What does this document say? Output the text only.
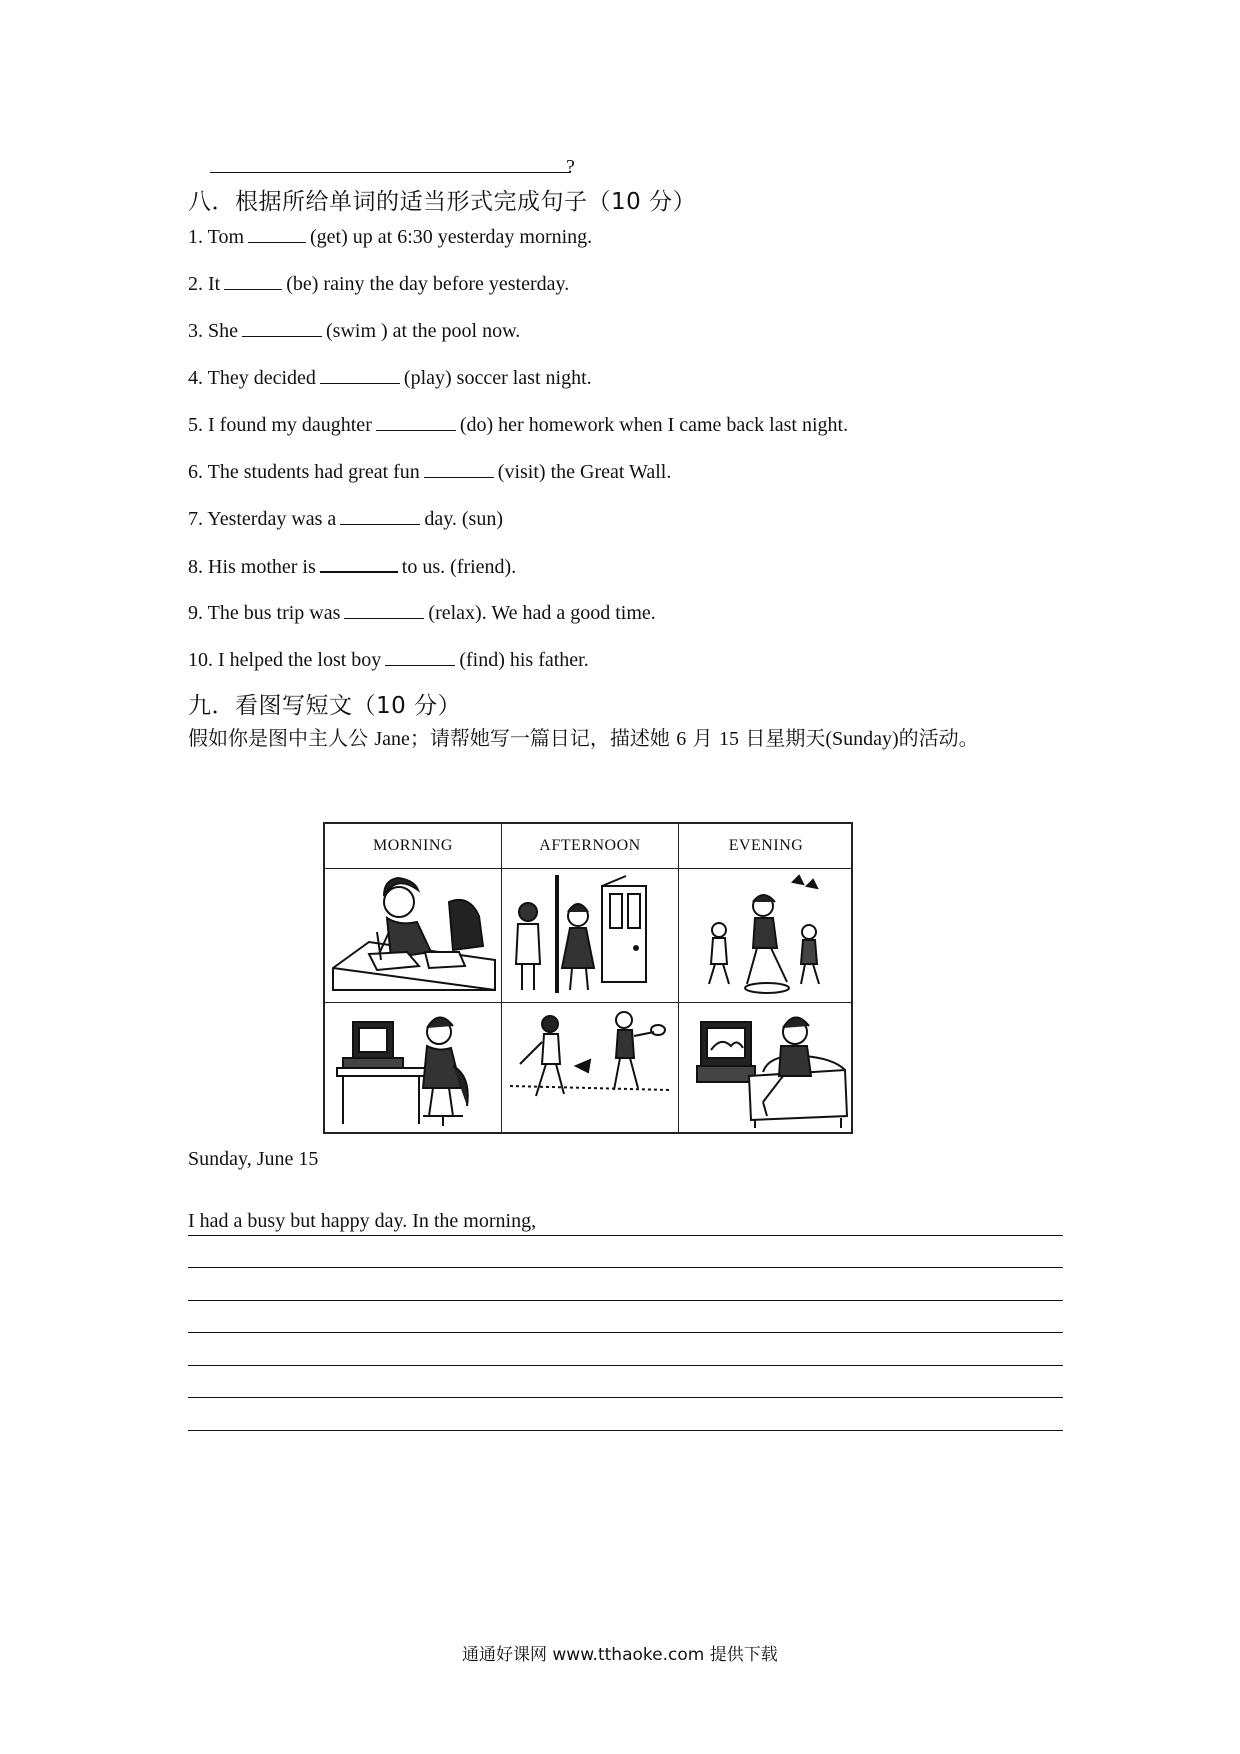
?
八．根据所给单词的适当形式完成句子（10 分）
1. Tom	(get) up at 6:30 yesterday morning.
2. It	(be) rainy the day before yesterday.
3. She	(swim ) at the pool now.
4. They decided	(play) soccer last night.
5. I found my daughter	(do) her homework when I came back last night.
6. The students had great fun	(visit) the Great Wall.
7. Yesterday was a	day. (sun)
8. His mother is	to us. (friend).
9. The bus trip was	(relax). We had a good time.
10. I helped the lost boy	(find) his father.
九．看图写短文（10 分）
假如你是图中主人公 Jane；请帮她写一篇日记，描述她 6 月 15 日星期天(Sunday)的活动。
MORNING	AFTERNOON	EVENING
Sunday, June 15
I had a busy but happy day. In the morning,
通通好课网 www.tthaoke.com 提供下载
